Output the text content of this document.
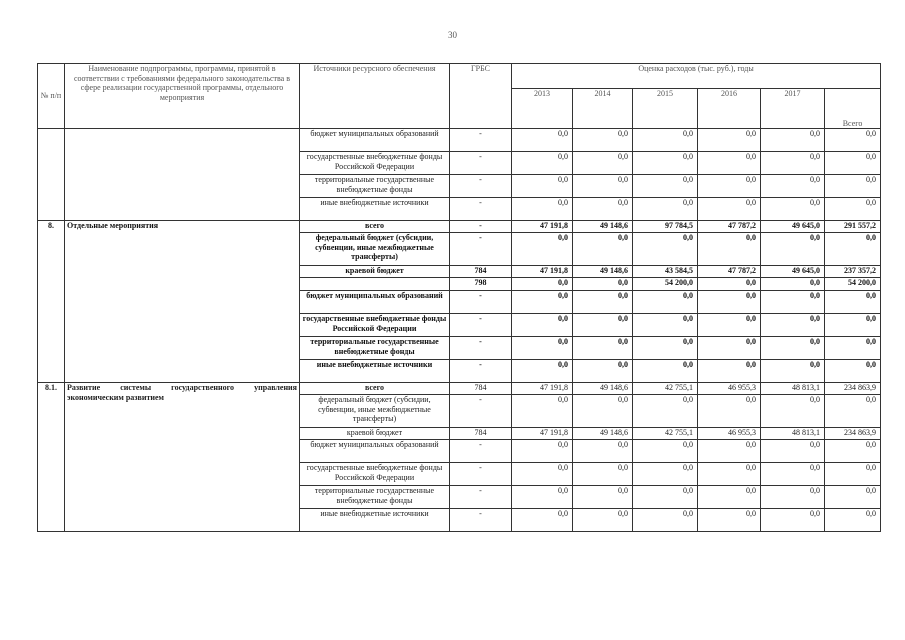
30
№ п/п	Наименование подпрограммы, программы, принятой в соответствии с требованиями федерального законодательства в сфере реализации государственной программы, отдельного мероприятия	Источники ресурсного обеспечения	ГРБС	Оценка расходов (тыс. руб.), годы					
				2013	2014	2015	2016	2017	Всего
		бюджет муниципальных образований	-	0,0	0,0	0,0	0,0	0,0	0,0
		государственные внебюджетные фонды Российской Федерации	-	0,0	0,0	0,0	0,0	0,0	0,0
		территориальные государственные внебюджетные фонды	-	0,0	0,0	0,0	0,0	0,0	0,0
		иные внебюджетные источники	-	0,0	0,0	0,0	0,0	0,0	0,0
8.	Отдельные мероприятия	всего	-	47 191,8	49 148,6	97 784,5	47 787,2	49 645,0	291 557,2
		федеральный бюджет (субсидии, субвенции, иные межбюджетные трансферты)	-	0,0	0,0	0,0	0,0	0,0	0,0
		краевой бюджет	784	47 191,8	49 148,6	43 584,5	47 787,2	49 645,0	237 357,2
			798	0,0	0,0	54 200,0	0,0	0,0	54 200,0
		бюджет муниципальных образований	-	0,0	0,0	0,0	0,0	0,0	0,0
		государственные внебюджетные фонды Российской Федерации	-	0,0	0,0	0,0	0,0	0,0	0,0
		территориальные государственные внебюджетные фонды	-	0,0	0,0	0,0	0,0	0,0	0,0
		иные внебюджетные источники	-	0,0	0,0	0,0	0,0	0,0	0,0
8.1.	Развитие системы государственного управления экономическим развитием	всего	784	47 191,8	49 148,6	42 755,1	46 955,3	48 813,1	234 863,9
		федеральный бюджет (субсидии, субвенции, иные межбюджетные трансферты)	-	0,0	0,0	0,0	0,0	0,0	0,0
		краевой бюджет	784	47 191,8	49 148,6	42 755,1	46 955,3	48 813,1	234 863,9
		бюджет муниципальных образований	-	0,0	0,0	0,0	0,0	0,0	0,0
		государственные внебюджетные фонды Российской Федерации	-	0,0	0,0	0,0	0,0	0,0	0,0
		территориальные государственные внебюджетные фонды	-	0,0	0,0	0,0	0,0	0,0	0,0
		иные внебюджетные источники	-	0,0	0,0	0,0	0,0	0,0	0,0
